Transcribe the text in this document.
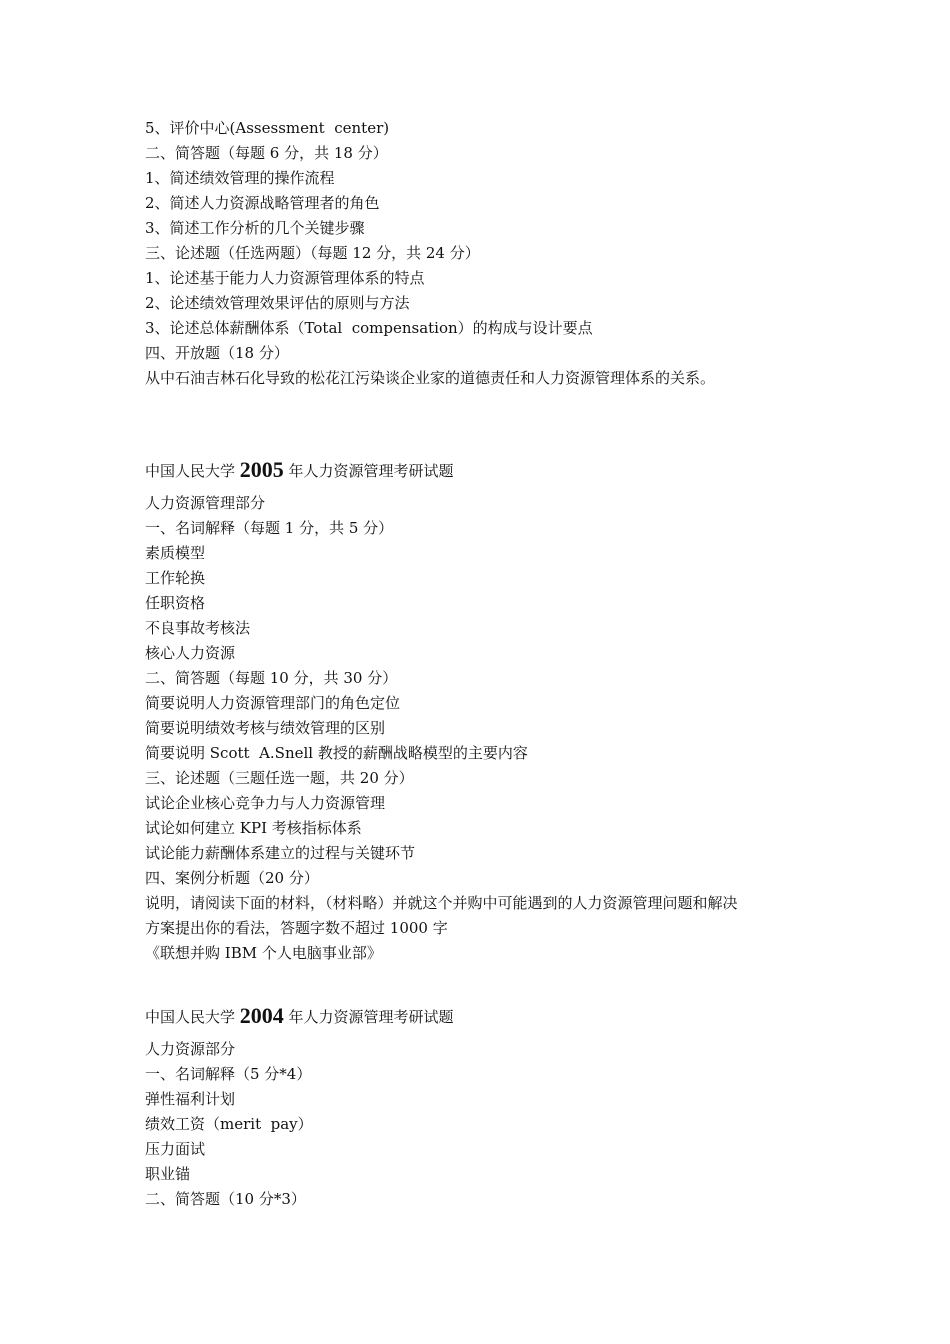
5、评价中心(Assessment  center)
二、简答题（每题 6 分，共 18 分）
1、简述绩效管理的操作流程
2、简述人力资源战略管理者的角色
3、简述工作分析的几个关键步骤
三、论述题（任选两题）（每题 12 分，共 24 分）
1、论述基于能力人力资源管理体系的特点
2、论述绩效管理效果评估的原则与方法
3、论述总体薪酬体系（Total  compensation）的构成与设计要点
四、开放题（18 分）
从中石油吉林石化导致的松花江污染谈企业家的道德责任和人力资源管理体系的关系。
中国人民大学 2005 年人力资源管理考研试题
人力资源管理部分
一、名词解释（每题 1 分，共 5 分）
素质模型
工作轮换
任职资格
不良事故考核法
核心人力资源
二、简答题（每题 10 分，共 30 分）
简要说明人力资源管理部门的角色定位
简要说明绩效考核与绩效管理的区别
简要说明 Scott  A.Snell 教授的薪酬战略模型的主要内容
三、论述题（三题任选一题，共 20 分）
试论企业核心竞争力与人力资源管理
试论如何建立 KPI 考核指标体系
试论能力薪酬体系建立的过程与关键环节
四、案例分析题（20 分）
说明，请阅读下面的材料，（材料略）并就这个并购中可能遇到的人力资源管理问题和解决
方案提出你的看法，答题字数不超过 1000 字
《联想并购 IBM 个人电脑事业部》
中国人民大学 2004 年人力资源管理考研试题
人力资源部分
一、名词解释（5 分*4）
弹性福利计划
绩效工资（merit  pay）
压力面试
职业锚
二、简答题（10 分*3）
